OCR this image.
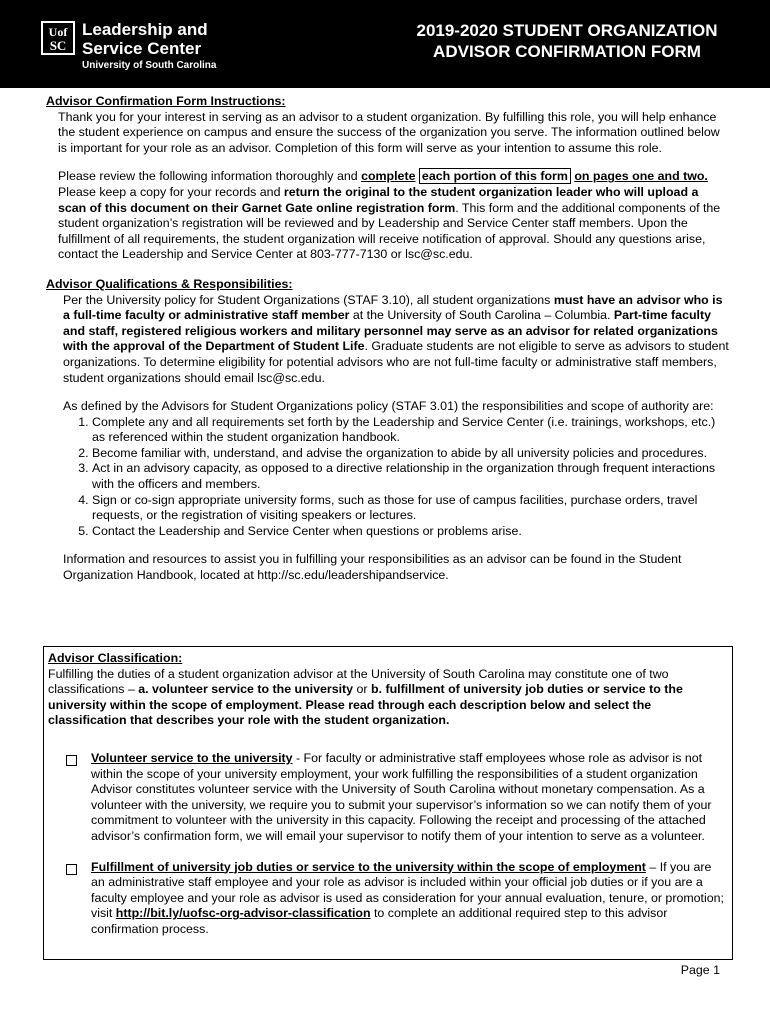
Uof
SC
Leadership and
Service Center
University of South Carolina
2019-2020 STUDENT ORGANIZATION
ADVISOR CONFIRMATION FORM
Advisor Confirmation Form Instructions:

Thank you for your interest in serving as an advisor to a student organization. By fulfilling this role, you will help enhance the student experience on campus and ensure the success of the organization you serve. The information outlined below is important for your role as an advisor. Completion of this form will serve as your intention to assume this role.

Please review the following information thoroughly and complete each portion of this form on pages one and two. Please keep a copy for your records and return the original to the student organization leader who will upload a scan of this document on their Garnet Gate online registration form. This form and the additional components of the student organization’s registration will be reviewed and by Leadership and Service Center staff members. Upon the fulfillment of all requirements, the student organization will receive notification of approval. Should any questions arise, contact the Leadership and Service Center at 803-777-7130 or lsc@sc.edu.

Advisor Qualifications & Responsibilities:

Per the University policy for Student Organizations (STAF 3.10), all student organizations must have an advisor who is a full-time faculty or administrative staff member at the University of South Carolina – Columbia. Part-time faculty and staff, registered religious workers and military personnel may serve as an advisor for related organizations with the approval of the Department of Student Life. Graduate students are not eligible to serve as advisors to student organizations. To determine eligibility for potential advisors who are not full-time faculty or administrative staff members, student organizations should email lsc@sc.edu.

As defined by the Advisors for Student Organizations policy (STAF 3.01) the responsibilities and scope of authority are:

1. Complete any and all requirements set forth by the Leadership and Service Center (i.e. trainings, workshops, etc.) as referenced within the student organization handbook.
2. Become familiar with, understand, and advise the organization to abide by all university policies and procedures.
3. Act in an advisory capacity, as opposed to a directive relationship in the organization through frequent interactions with the officers and members.
4. Sign or co-sign appropriate university forms, such as those for use of campus facilities, purchase orders, travel requests, or the registration of visiting speakers or lectures.
5. Contact the Leadership and Service Center when questions or problems arise.

Information and resources to assist you in fulfilling your responsibilities as an advisor can be found in the Student Organization Handbook, located at http://sc.edu/leadershipandservice.

Advisor Classification:

Fulfilling the duties of a student organization advisor at the University of South Carolina may constitute one of two classifications – a. volunteer service to the university or b. fulfillment of university job duties or service to the university within the scope of employment. Please read through each description below and select the classification that describes your role with the student organization.

Volunteer service to the university - For faculty or administrative staff employees whose role as advisor is not within the scope of your university employment, your work fulfilling the responsibilities of a student organization Advisor constitutes volunteer service with the University of South Carolina without monetary compensation. As a volunteer with the university, we require you to submit your supervisor’s information so we can notify them of your commitment to volunteer with the university in this capacity. Following the receipt and processing of the attached advisor’s confirmation form, we will email your supervisor to notify them of your intention to serve as a volunteer.

Fulfillment of university job duties or service to the university within the scope of employment – If you are an administrative staff employee and your role as advisor is included within your official job duties or if you are a faculty employee and your role as advisor is used as consideration for your annual evaluation, tenure, or promotion; visit http://bit.ly/uofsc-org-advisor-classification to complete an additional required step to this advisor confirmation process.

Page 1
